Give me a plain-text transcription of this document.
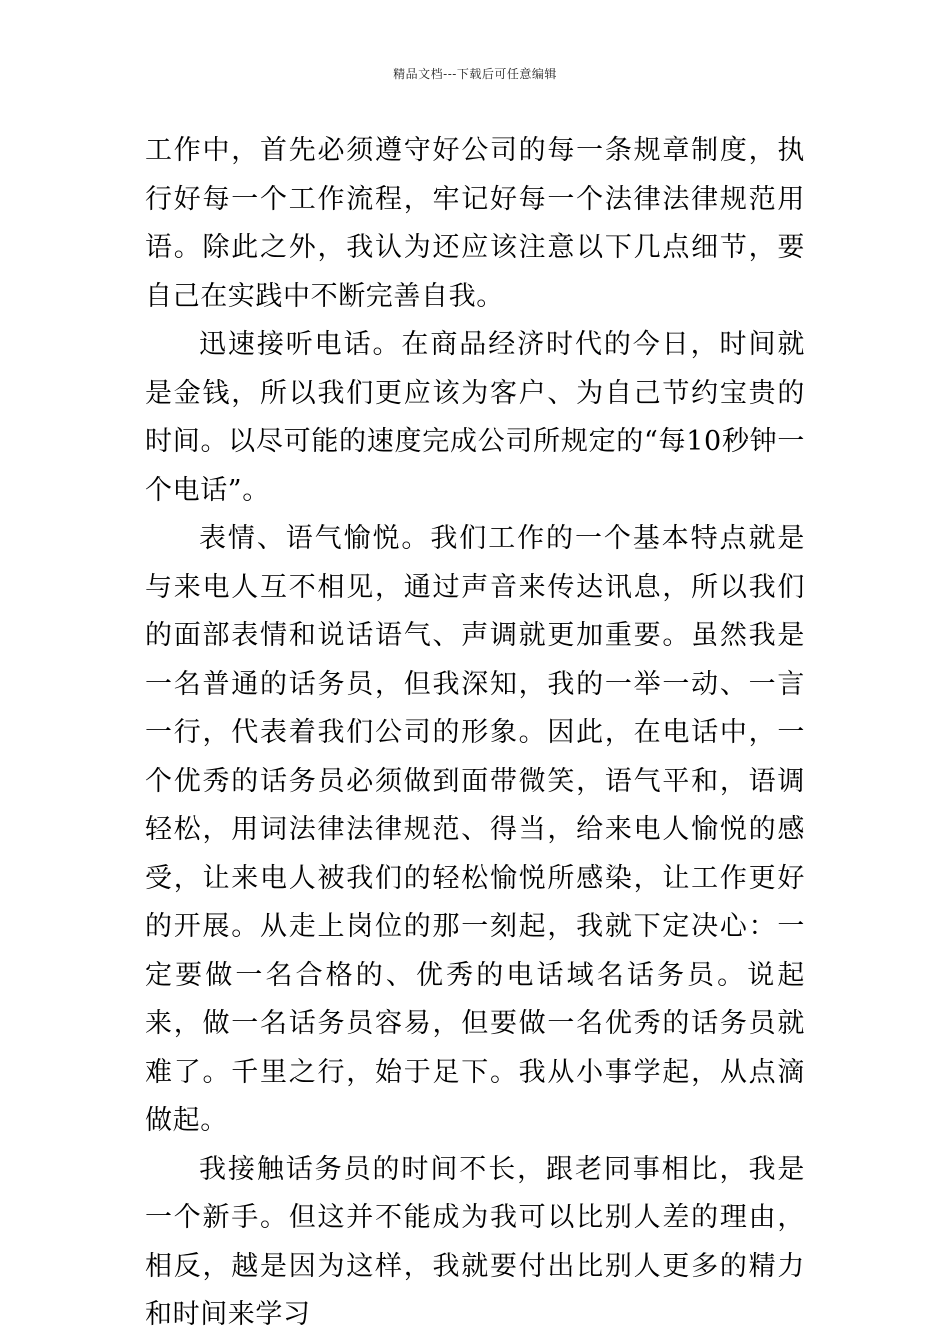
精品文档---下载后可任意编辑

工作中，首先必须遵守好公司的每一条规章制度，执行好每一个工作流程，牢记好每一个法律法律规范用语。除此之外，我认为还应该注意以下几点细节，要自己在实践中不断完善自我。

迅速接听电话。在商品经济时代的今日，时间就是金钱，所以我们更应该为客户、为自己节约宝贵的时间。以尽可能的速度完成公司所规定的“每10秒钟一个电话”。

表情、语气愉悦。我们工作的一个基本特点就是与来电人互不相见，通过声音来传达讯息，所以我们的面部表情和说话语气、声调就更加重要。虽然我是一名普通的话务员，但我深知，我的一举一动、一言一行，代表着我们公司的形象。因此，在电话中，一个优秀的话务员必须做到面带微笑，语气平和，语调轻松，用词法律法律规范、得当，给来电人愉悦的感受，让来电人被我们的轻松愉悦所感染，让工作更好的开展。从走上岗位的那一刻起，我就下定决心：一定要做一名合格的、优秀的电话域名话务员。说起来，做一名话务员容易，但要做一名优秀的话务员就难了。千里之行，始于足下。我从小事学起，从点滴做起。

我接触话务员的时间不长，跟老同事相比，我是一个新手。但这并不能成为我可以比别人差的理由，相反，越是因为这样，我就要付出比别人更多的精力和时间来学习
